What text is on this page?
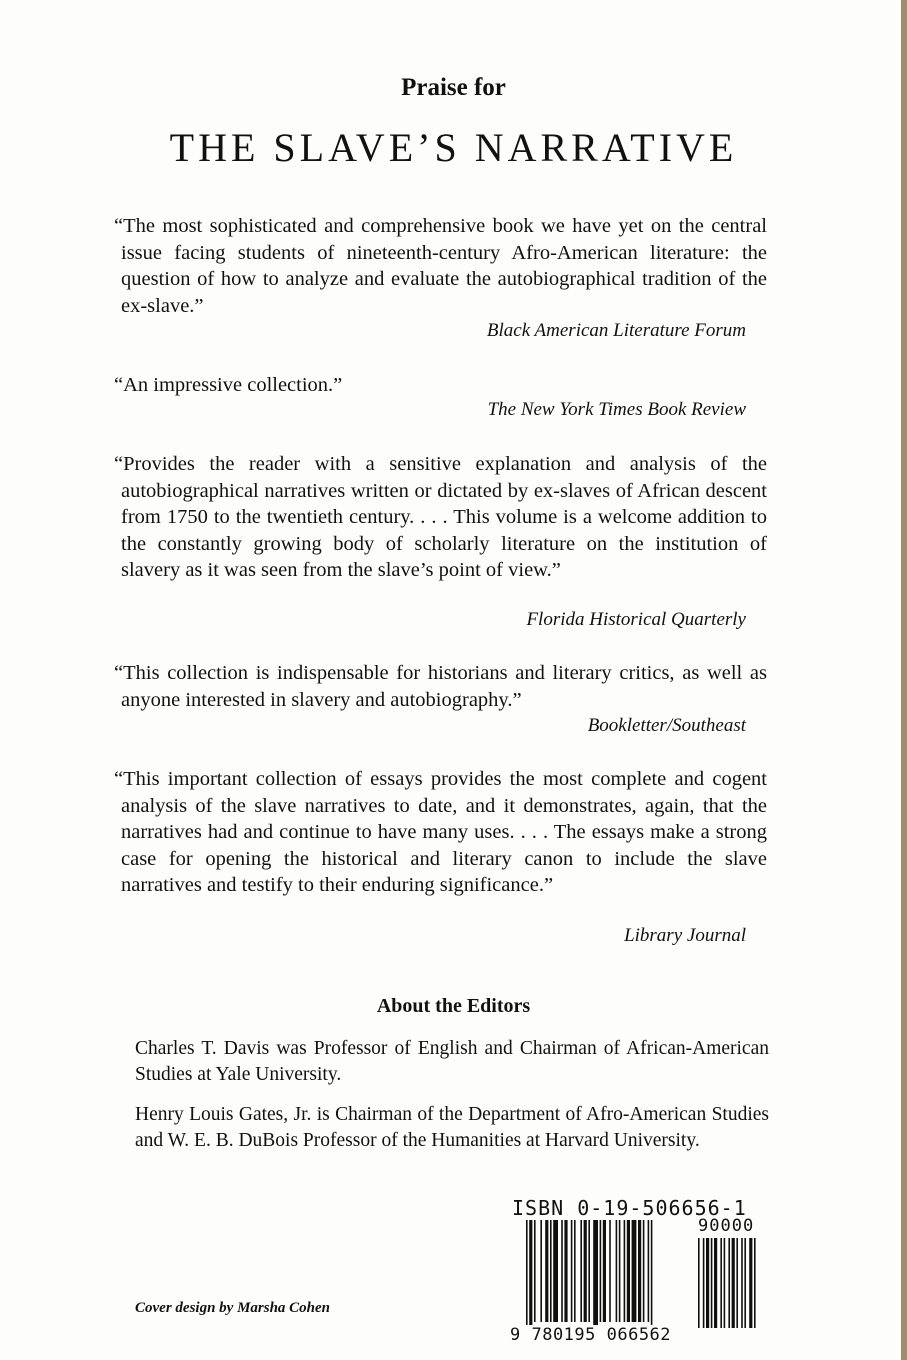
Praise for
THE SLAVE’S NARRATIVE
“The most sophisticated and comprehensive book we have yet on the central issue facing students of nineteenth-century Afro-American literature: the question of how to analyze and evaluate the autobiographical tradition of the ex-slave.”
Black American Literature Forum
“An impressive collection.”
The New York Times Book Review
“Provides the reader with a sensitive explanation and analysis of the autobiographical narratives written or dictated by ex-slaves of African descent from 1750 to the twentieth century. . . . This volume is a welcome addition to the constantly growing body of scholarly literature on the institution of slavery as it was seen from the slave’s point of view.”
Florida Historical Quarterly
“This collection is indispensable for historians and literary critics, as well as anyone interested in slavery and autobiography.”
Bookletter/Southeast
“This important collection of essays provides the most complete and cogent analysis of the slave narratives to date, and it demonstrates, again, that the narratives had and continue to have many uses. . . . The essays make a strong case for opening the historical and literary canon to include the slave narratives and testify to their enduring significance.”
Library Journal
About the Editors
Charles T. Davis was Professor of English and Chairman of African-American Studies at Yale University.
Henry Louis Gates, Jr. is Chairman of the Department of Afro-American Studies and W. E. B. DuBois Professor of the Humanities at Harvard University.
Cover design by Marsha Cohen
ISBN 0-19-506656-1
90000
9 780195 066562
